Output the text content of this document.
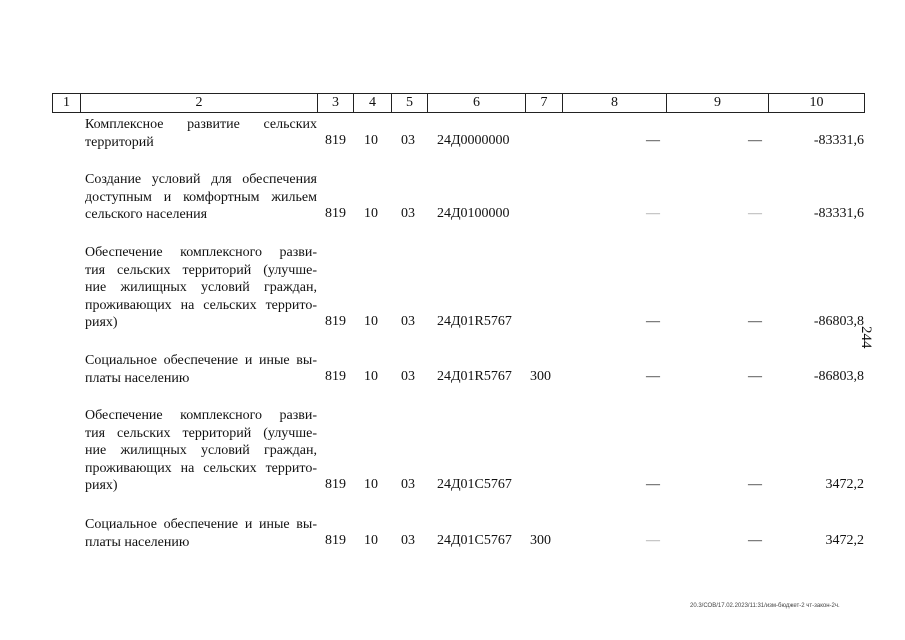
1	2	3	4	5	6	7	8	9	10
Комплексное развитие сельских
территорий	819 10 03 24Д0000000	—	—	-83331,6
Создание условий для обеспечения
доступным и комфортным жильем
сельского населения	819 10 03 24Д0100000	—	—	-83331,6
Обеспечение комплексного разви-
тия сельских территорий (улучше-
ние жилищных условий граждан,
проживающих на сельских террито-
риях)	819 10 03 24Д01R5767	—	—	-86803,8
Социальное обеспечение и иные вы-
платы населению	819 10 03 24Д01R5767 300	—	—	-86803,8
Обеспечение комплексного разви-
тия сельских территорий (улучше-
ние жилищных условий граждан,
проживающих на сельских террито-
риях)	819 10 03 24Д01С5767	—	—	3472,2
Социальное обеспечение и иные вы-
платы населению	819 10 03 24Д01С5767 300	—	—	3472,2
244
20.3/СОВ/17.02.2023/11:31/изм-бюджет-2 чт-закон-2ч.
